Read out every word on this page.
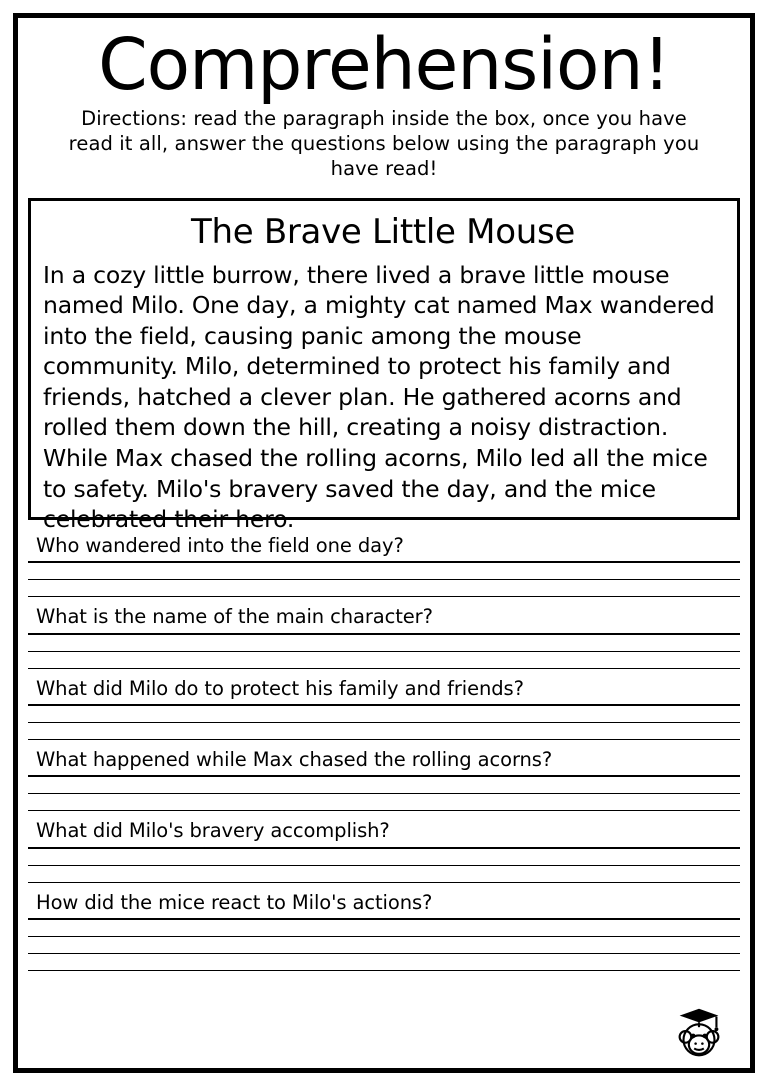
Comprehension!

Directions: read the paragraph inside the box, once you have read it all, answer the questions below using the paragraph you have read!

The Brave Little Mouse
In a cozy little burrow, there lived a brave little mouse named Milo. One day, a mighty cat named Max wandered into the field, causing panic among the mouse community. Milo, determined to protect his family and friends, hatched a clever plan. He gathered acorns and rolled them down the hill, creating a noisy distraction. While Max chased the rolling acorns, Milo led all the mice to safety. Milo's bravery saved the day, and the mice celebrated their hero.
Who wandered into the field one day?
What is the name of the main character?
What did Milo do to protect his family and friends?
What happened while Max chased the rolling acorns?
What did Milo's bravery accomplish?
How did the mice react to Milo's actions?
